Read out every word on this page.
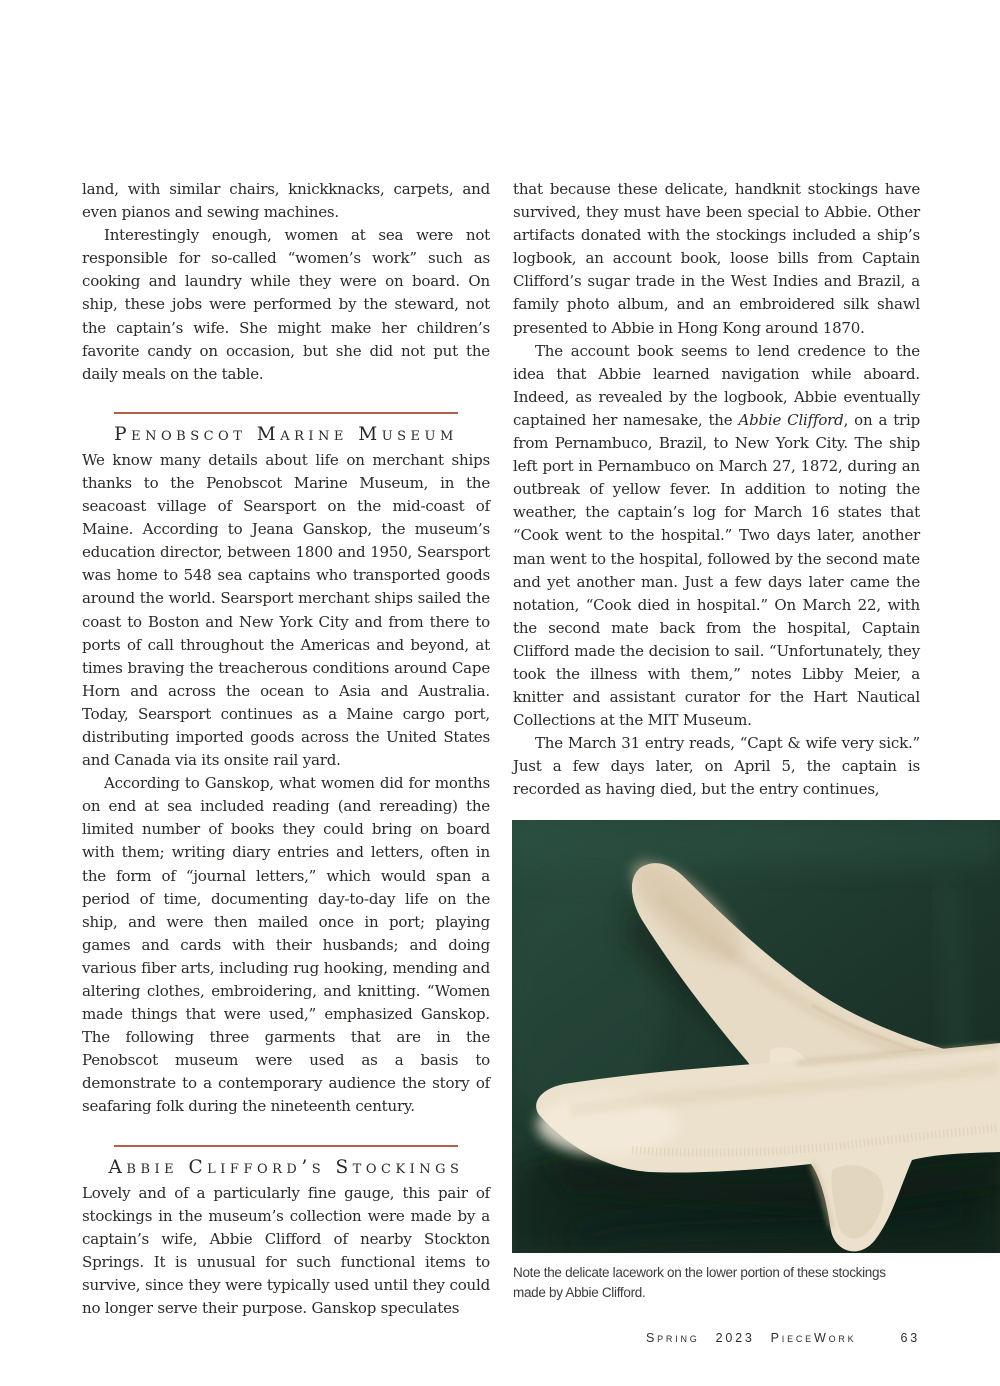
land, with similar chairs, knickknacks, carpets, and even pianos and sewing machines.

Interestingly enough, women at sea were not responsible for so-called “women’s work” such as cooking and laundry while they were on board. On ship, these jobs were performed by the steward, not the captain’s wife. She might make her children’s favorite candy on occasion, but she did not put the daily meals on the table.

Penobscot Marine Museum

We know many details about life on merchant ships thanks to the Penobscot Marine Museum, in the seacoast village of Searsport on the mid-coast of Maine. According to Jeana Ganskop, the museum’s education director, between 1800 and 1950, Searsport was home to 548 sea captains who transported goods around the world. Searsport merchant ships sailed the coast to Boston and New York City and from there to ports of call throughout the Americas and beyond, at times braving the treacherous conditions around Cape Horn and across the ocean to Asia and Australia. Today, Searsport continues as a Maine cargo port, distributing imported goods across the United States and Canada via its onsite rail yard.

According to Ganskop, what women did for months on end at sea included reading (and rereading) the limited number of books they could bring on board with them; writing diary entries and letters, often in the form of “journal letters,” which would span a period of time, documenting day-to-day life on the ship, and were then mailed once in port; playing games and cards with their husbands; and doing various fiber arts, including rug hooking, mending and altering clothes, embroidering, and knitting. “Women made things that were used,” emphasized Ganskop. The following three garments that are in the Penobscot museum were used as a basis to demonstrate to a contemporary audience the story of seafaring folk during the nineteenth century.

Abbie Clifford’s Stockings

Lovely and of a particularly fine gauge, this pair of stockings in the museum’s collection were made by a captain’s wife, Abbie Clifford of nearby Stockton Springs. It is unusual for such functional items to survive, since they were typically used until they could no longer serve their purpose. Ganskop speculates

that because these delicate, handknit stockings have survived, they must have been special to Abbie. Other artifacts donated with the stockings included a ship’s logbook, an account book, loose bills from Captain Clifford’s sugar trade in the West Indies and Brazil, a family photo album, and an embroidered silk shawl presented to Abbie in Hong Kong around 1870.

The account book seems to lend credence to the idea that Abbie learned navigation while aboard. Indeed, as revealed by the logbook, Abbie eventually captained her namesake, the Abbie Clifford, on a trip from Pernambuco, Brazil, to New York City. The ship left port in Pernambuco on March 27, 1872, during an outbreak of yellow fever. In addition to noting the weather, the captain’s log for March 16 states that “Cook went to the hospital.” Two days later, another man went to the hospital, followed by the second mate and yet another man. Just a few days later came the notation, “Cook died in hospital.” On March 22, with the second mate back from the hospital, Captain Clifford made the decision to sail. “Unfortunately, they took the illness with them,” notes Libby Meier, a knitter and assistant curator for the Hart Nautical Collections at the MIT Museum.

The March 31 entry reads, “Capt & wife very sick.” Just a few days later, on April 5, the captain is recorded as having died, but the entry continues,

Note the delicate lacework on the lower portion of these stockings made by Abbie Clifford.
Spring 2023 PieceWork	63
